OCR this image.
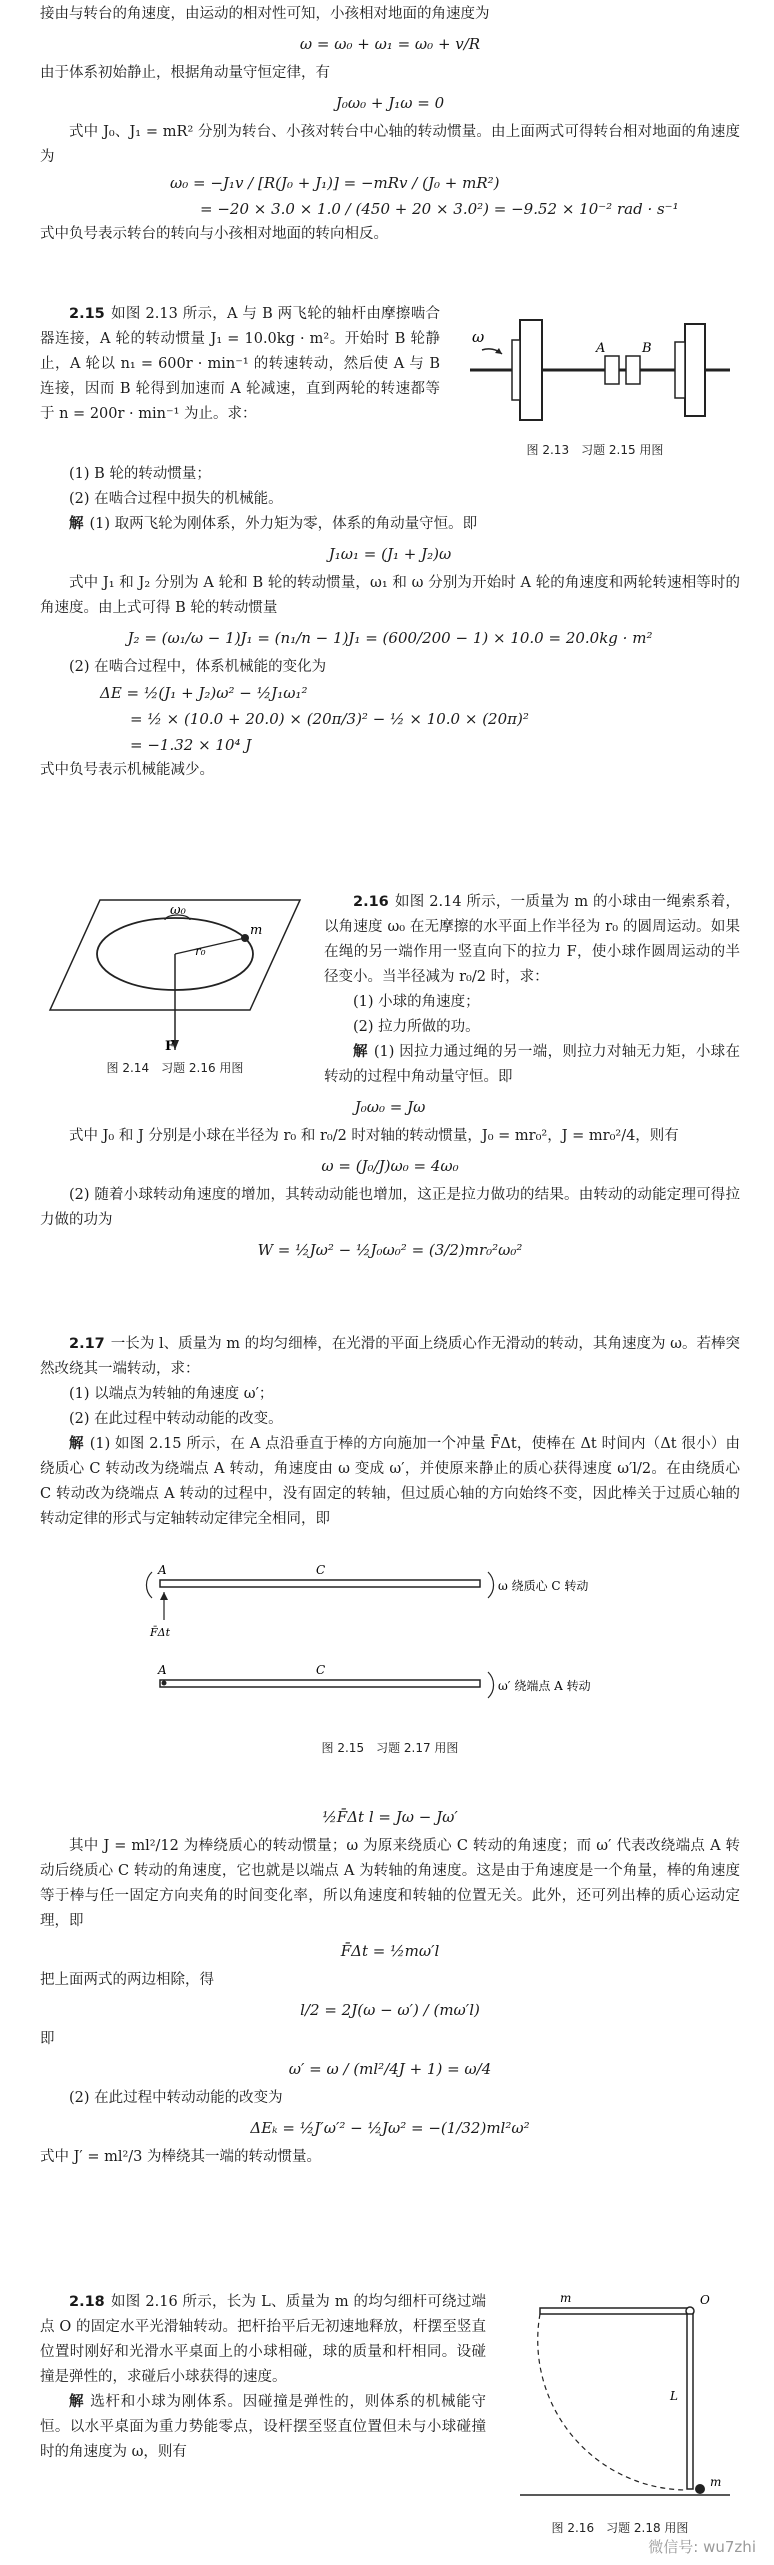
接由与转台的角速度，由运动的相对性可知，小孩相对地面的角速度为

ω = ω₀ + ω₁ = ω₀ + v/R

由于体系初始静止，根据角动量守恒定律，有

J₀ω₀ + J₁ω = 0

式中 J₀、J₁ = mR² 分别为转台、小孩对转台中心轴的转动惯量。由上面两式可得转台相对地面的角速度为

ω₀ = −J₁v / [R(J₀ + J₁)] = −mRv / (J₀ + mR²)
= −20 × 3.0 × 1.0 / (450 + 20 × 3.0²) = −9.52 × 10⁻² rad · s⁻¹

式中负号表示转台的转向与小孩相对地面的转向相反。

2.15 如图 2.13 所示，A 与 B 两飞轮的轴杆由摩擦啮合器连接，A 轮的转动惯量 J₁ = 10.0kg · m²。开始时 B 轮静止，A 轮以 n₁ = 600r · min⁻¹ 的转速转动，然后使 A 与 B 连接，因而 B 轮得到加速而 A 轮减速，直到两轮的转速都等于 n = 200r · min⁻¹ 为止。求：

ω
A	B
图 2.13　习题 2.15 用图

(1) B 轮的转动惯量；

(2) 在啮合过程中损失的机械能。

解 (1) 取两飞轮为刚体系，外力矩为零，体系的角动量守恒。即

J₁ω₁ = (J₁ + J₂)ω

式中 J₁ 和 J₂ 分别为 A 轮和 B 轮的转动惯量，ω₁ 和 ω 分别为开始时 A 轮的角速度和两轮转速相等时的角速度。由上式可得 B 轮的转动惯量

J₂ = (ω₁/ω − 1)J₁ = (n₁/n − 1)J₁ = (600/200 − 1) × 10.0 = 20.0kg · m²

(2) 在啮合过程中，体系机械能的变化为

ΔE = ½(J₁ + J₂)ω² − ½J₁ω₁²
= ½ × (10.0 + 20.0) × (20π/3)² − ½ × 10.0 × (20π)²
= −1.32 × 10⁴ J

式中负号表示机械能减少。

ω₀
m
r₀
F
图 2.14　习题 2.16 用图

2.16 如图 2.14 所示，一质量为 m 的小球由一绳索系着，以角速度 ω₀ 在无摩擦的水平面上作半径为 r₀ 的圆周运动。如果在绳的另一端作用一竖直向下的拉力 F，使小球作圆周运动的半径变小。当半径减为 r₀/2 时，求：

(1) 小球的角速度；

(2) 拉力所做的功。

解 (1) 因拉力通过绳的另一端，则拉力对轴无力矩，小球在转动的过程中角动量守恒。即

J₀ω₀ = Jω

式中 J₀ 和 J 分别是小球在半径为 r₀ 和 r₀/2 时对轴的转动惯量，J₀ = mr₀²，J = mr₀²/4，则有

ω = (J₀/J)ω₀ = 4ω₀

(2) 随着小球转动角速度的增加，其转动动能也增加，这正是拉力做功的结果。由转动的动能定理可得拉力做的功为

W = ½Jω² − ½J₀ω₀² = (3/2)mr₀²ω₀²

2.17 一长为 l、质量为 m 的均匀细棒，在光滑的平面上绕质心作无滑动的转动，其角速度为 ω。若棒突然改绕其一端转动，求：

(1) 以端点为转轴的角速度 ω′；

(2) 在此过程中转动动能的改变。

解 (1) 如图 2.15 所示，在 A 点沿垂直于棒的方向施加一个冲量 F̄Δt，使棒在 Δt 时间内（Δt 很小）由绕质心 C 转动改为绕端点 A 转动，角速度由 ω 变成 ω′，并使原来静止的质心获得速度 ω′l/2。在由绕质心 C 转动改为绕端点 A 转动的过程中，没有固定的转轴，但过质心轴的方向始终不变，因此棒关于过质心轴的转动定律的形式与定轴转动定律完全相同，即

A	C
ω 绕质心 C 转动
F̄Δt
A	C
ω′ 绕端点 A 转动
图 2.15　习题 2.17 用图
½F̄Δt l = Jω − Jω′

其中 J = ml²/12 为棒绕质心的转动惯量；ω 为原来绕质心 C 转动的角速度；而 ω′ 代表改绕端点 A 转动后绕质心 C 转动的角速度，它也就是以端点 A 为转轴的角速度。这是由于角速度是一个角量，棒的角速度等于棒与任一固定方向夹角的时间变化率，所以角速度和转轴的位置无关。此外，还可列出棒的质心运动定理，即

F̄Δt = ½mω′l

把上面两式的两边相除，得

l/2 = 2J(ω − ω′) / (mω′l)

即

ω′ = ω / (ml²/4J + 1) = ω/4

(2) 在此过程中转动动能的改变为

ΔEₖ = ½J′ω′² − ½Jω² = −(1/32)ml²ω²

式中 J′ = ml²/3 为棒绕其一端的转动惯量。

m	O
L
m
图 2.16　习题 2.18 用图

2.18 如图 2.16 所示，长为 L、质量为 m 的均匀细杆可绕过端点 O 的固定水平光滑轴转动。把杆抬平后无初速地释放，杆摆至竖直位置时刚好和光滑水平桌面上的小球相碰，球的质量和杆相同。设碰撞是弹性的，求碰后小球获得的速度。

解 选杆和小球为刚体系。因碰撞是弹性的，则体系的机械能守恒。以水平桌面为重力势能零点，设杆摆至竖直位置但未与小球碰撞时的角速度为 ω，则有

微信号: wu7zhi
